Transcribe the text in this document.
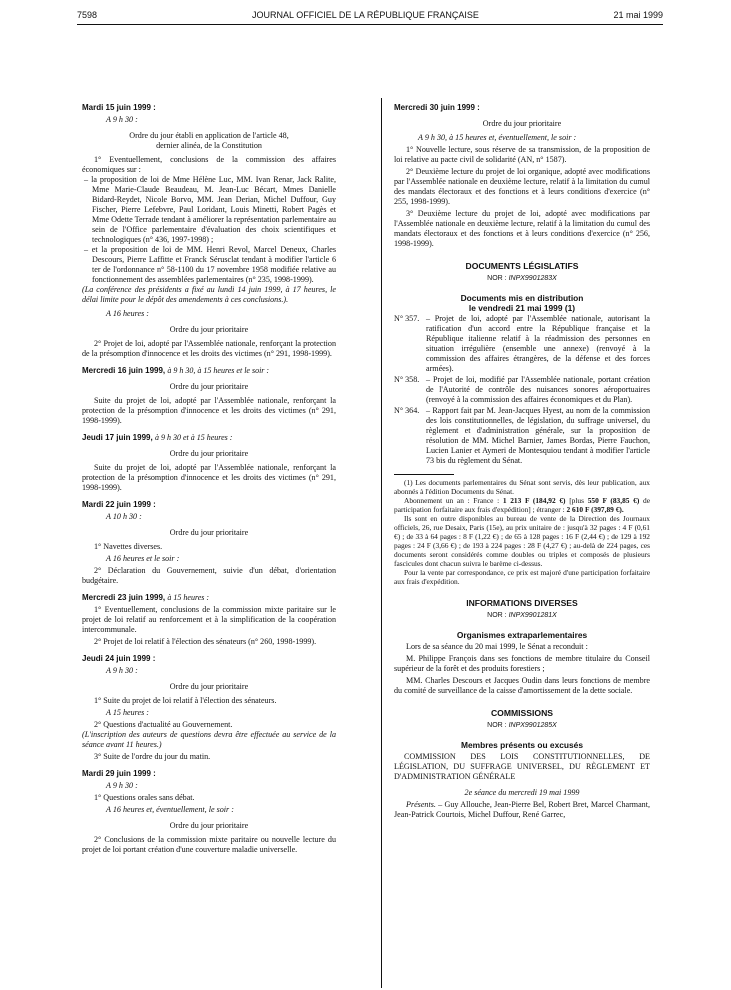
7598	JOURNAL OFFICIEL DE LA RÉPUBLIQUE FRANÇAISE	21 mai 1999

Mardi 15 juin 1999 :

A 9 h 30 :

Ordre du jour établi en application de l'article 48,

dernier alinéa, de la Constitution

1° Eventuellement, conclusions de la commission des affaires économiques sur :

– la proposition de loi de Mme Hélène Luc, MM. Ivan Renar, Jack Ralite, Mme Marie-Claude Beaudeau, M. Jean-Luc Bécart, Mmes Danielle Bidard-Reydet, Nicole Borvo, MM. Jean Derian, Michel Duffour, Guy Fischer, Pierre Lefebvre, Paul Loridant, Louis Minetti, Robert Pagès et Mme Odette Terrade tendant à améliorer la représentation parlementaire au sein de l'Office parlementaire d'évaluation des choix scientifiques et technologiques (n° 436, 1997-1998) ;

– et la proposition de loi de MM. Henri Revol, Marcel Deneux, Charles Descours, Pierre Laffitte et Franck Sérusclat tendant à modifier l'article 6 ter de l'ordonnance n° 58-1100 du 17 novembre 1958 modifiée relative au fonctionnement des assemblées parlementaires (n° 235, 1998-1999).

(La conférence des présidents a fixé au lundi 14 juin 1999, à 17 heures, le délai limite pour le dépôt des amendements à ces conclusions.).

A 16 heures :

Ordre du jour prioritaire

2° Projet de loi, adopté par l'Assemblée nationale, renforçant la protection de la présomption d'innocence et les droits des victimes (n° 291, 1998-1999).

Mercredi 16 juin 1999, à 9 h 30, à 15 heures et le soir :

Ordre du jour prioritaire

Suite du projet de loi, adopté par l'Assemblée nationale, renforçant la protection de la présomption d'innocence et les droits des victimes (n° 291, 1998-1999).

Jeudi 17 juin 1999, à 9 h 30 et à 15 heures :

Ordre du jour prioritaire

Suite du projet de loi, adopté par l'Assemblée nationale, renforçant la protection de la présomption d'innocence et les droits des victimes (n° 291, 1998-1999).

Mardi 22 juin 1999 :

A 10 h 30 :

Ordre du jour prioritaire

1° Navettes diverses.

A 16 heures et le soir :

2° Déclaration du Gouvernement, suivie d'un débat, d'orientation budgétaire.

Mercredi 23 juin 1999, à 15 heures :

1° Eventuellement, conclusions de la commission mixte paritaire sur le projet de loi relatif au renforcement et à la simplification de la coopération intercommunale.

2° Projet de loi relatif à l'élection des sénateurs (n° 260, 1998-1999).

Jeudi 24 juin 1999 :

A 9 h 30 :

Ordre du jour prioritaire

1° Suite du projet de loi relatif à l'élection des sénateurs.

A 15 heures :

2° Questions d'actualité au Gouvernement.

(L'inscription des auteurs de questions devra être effectuée au service de la séance avant 11 heures.)

3° Suite de l'ordre du jour du matin.

Mardi 29 juin 1999 :

A 9 h 30 :

1° Questions orales sans débat.

A 16 heures et, éventuellement, le soir :

Ordre du jour prioritaire

2° Conclusions de la commission mixte paritaire ou nouvelle lecture du projet de loi portant création d'une couverture maladie universelle.

Mercredi 30 juin 1999 :

Ordre du jour prioritaire

A 9 h 30, à 15 heures et, éventuellement, le soir :

1° Nouvelle lecture, sous réserve de sa transmission, de la proposition de loi relative au pacte civil de solidarité (AN, n° 1587).

2° Deuxième lecture du projet de loi organique, adopté avec modifications par l'Assemblée nationale en deuxième lecture, relatif à la limitation du cumul des mandats électoraux et des fonctions et à leurs conditions d'exercice (n° 255, 1998-1999).

3° Deuxième lecture du projet de loi, adopté avec modifications par l'Assemblée nationale en deuxième lecture, relatif à la limitation du cumul des mandats électoraux et des fonctions et à leurs conditions d'exercice (n° 256, 1998-1999).

DOCUMENTS LÉGISLATIFS

NOR : INPX9901283X

Documents mis en distribution
le vendredi 21 mai 1999 (1)

N° 357. – Projet de loi, adopté par l'Assemblée nationale, autorisant la ratification d'un accord entre la République française et la République italienne relatif à la réadmission des personnes en situation irrégulière (ensemble une annexe) (renvoyé à la commission des affaires étrangères, de la défense et des forces armées).
N° 358. – Projet de loi, modifié par l'Assemblée nationale, portant création de l'Autorité de contrôle des nuisances sonores aéroportuaires (renvoyé à la commission des affaires économiques et du Plan).
N° 364. – Rapport fait par M. Jean-Jacques Hyest, au nom de la commission des lois constitutionnelles, de législation, du suffrage universel, du règlement et d'administration générale, sur la proposition de résolution de MM. Michel Barnier, James Bordas, Pierre Fauchon, Lucien Lanier et Aymeri de Montesquiou tendant à modifier l'article 73 bis du règlement du Sénat.

(1) Les documents parlementaires du Sénat sont servis, dès leur publication, aux abonnés à l'édition Documents du Sénat.

Abonnement un an : France : 1 213 F (184,92 €) [plus 550 F (83,85 €) de participation forfaitaire aux frais d'expédition] ; étranger : 2 610 F (397,89 €).

Ils sont en outre disponibles au bureau de vente de la Direction des Journaux officiels, 26, rue Desaix, Paris (15e), au prix unitaire de : jusqu'à 32 pages : 4 F (0,61 €) ; de 33 à 64 pages : 8 F (1,22 €) ; de 65 à 128 pages : 16 F (2,44 €) ; de 129 à 192 pages : 24 F (3,66 €) ; de 193 à 224 pages : 28 F (4,27 €) ; au-delà de 224 pages, ces documents seront considérés comme doubles ou triples et composés de plusieurs fascicules dont chacun suivra le barème ci-dessus.

Pour la vente par correspondance, ce prix est majoré d'une participation forfaitaire aux frais d'expédition.

INFORMATIONS DIVERSES

NOR : INPX9901281X

Organismes extraparlementaires

Lors de sa séance du 20 mai 1999, le Sénat a reconduit :

M. Philippe François dans ses fonctions de membre titulaire du Conseil supérieur de la forêt et des produits forestiers ;

MM. Charles Descours et Jacques Oudin dans leurs fonctions de membre du comité de surveillance de la caisse d'amortissement de la dette sociale.

COMMISSIONS

NOR : INPX9901285X

Membres présents ou excusés

COMMISSION DES LOIS CONSTITUTIONNELLES, DE LÉGISLATION, DU SUFFRAGE UNIVERSEL, DU RÈGLEMENT ET D'ADMINISTRATION GÉNÉRALE

2e séance du mercredi 19 mai 1999

Présents. – Guy Allouche, Jean-Pierre Bel, Robert Bret, Marcel Charmant, Jean-Patrick Courtois, Michel Duffour, René Garrec,
